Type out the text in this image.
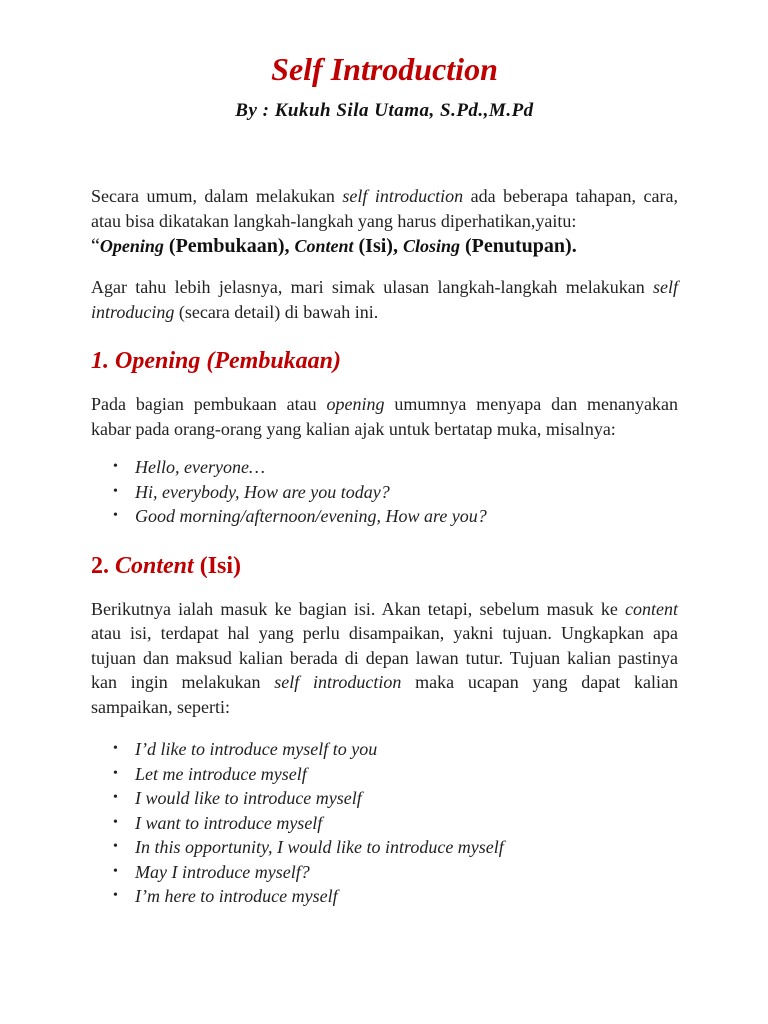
Self Introduction
By : Kukuh Sila Utama, S.Pd.,M.Pd

Secara umum, dalam melakukan self introduction ada beberapa tahapan, cara, atau bisa dikatakan langkah-langkah yang harus diperhatikan,yaitu:

“Opening (Pembukaan), Content (Isi), Closing (Penutupan).

Agar tahu lebih jelasnya, mari simak ulasan langkah-langkah melakukan self introducing (secara detail) di bawah ini.

1. Opening (Pembukaan)

Pada bagian pembukaan atau opening umumnya menyapa dan menanyakan kabar pada orang-orang yang kalian ajak untuk bertatap muka, misalnya:

• Hello, everyone…
• Hi, everybody, How are you today?
• Good morning/afternoon/evening, How are you?
2. Content (Isi)

Berikutnya ialah masuk ke bagian isi. Akan tetapi, sebelum masuk ke content atau isi, terdapat hal yang perlu disampaikan, yakni tujuan. Ungkapkan apa tujuan dan maksud kalian berada di depan lawan tutur. Tujuan kalian pastinya kan ingin melakukan self introduction maka ucapan yang dapat kalian sampaikan, seperti:

• I’d like to introduce myself to you
• Let me introduce myself
• I would like to introduce myself
• I want to introduce myself
• In this opportunity, I would like to introduce myself
• May I introduce myself?
• I’m here to introduce myself
